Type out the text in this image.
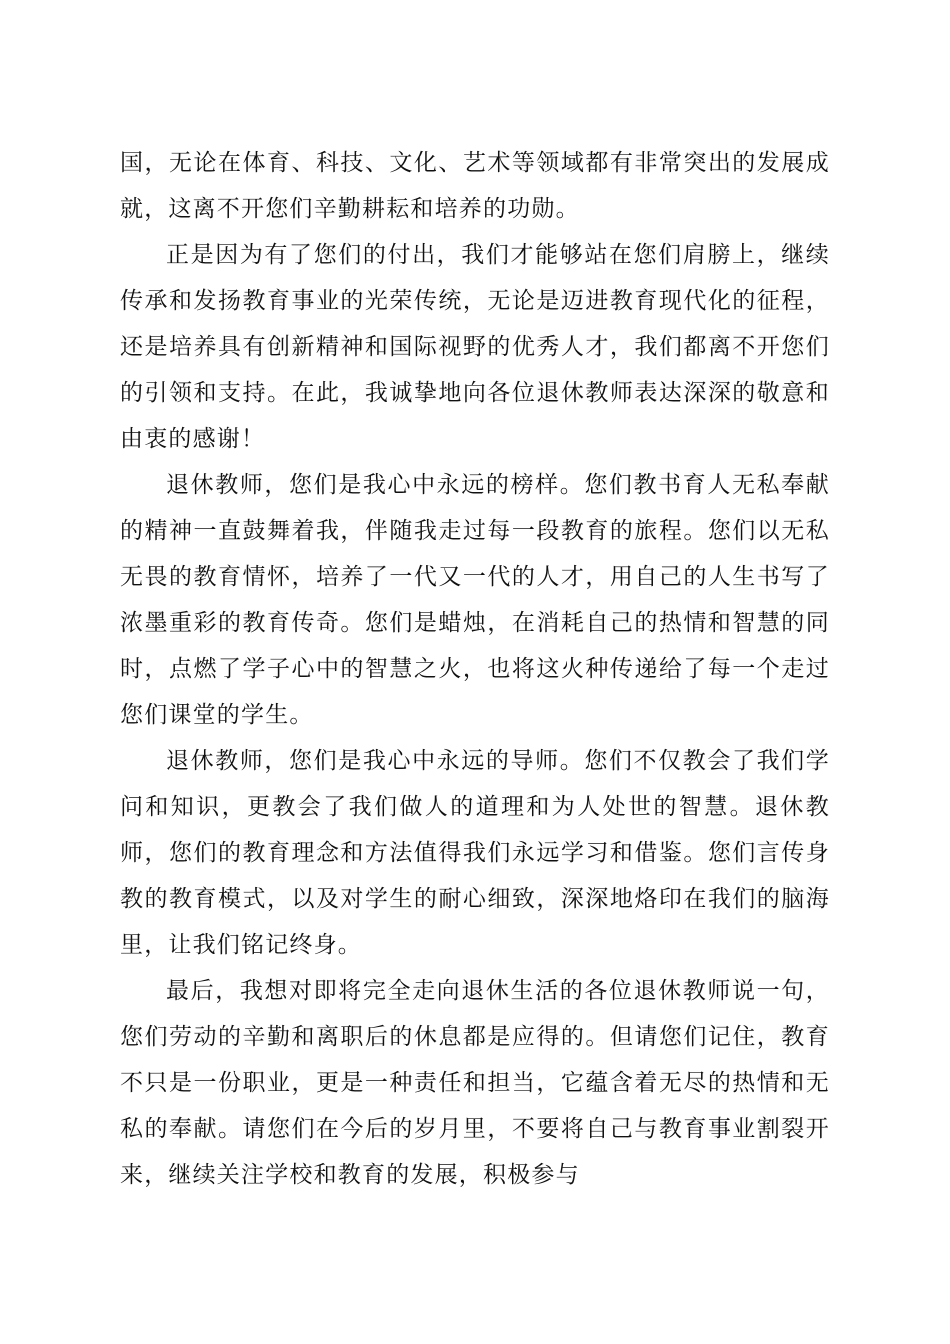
国，无论在体育、科技、文化、艺术等领域都有非常突出的发展成就，这离不开您们辛勤耕耘和培养的功勋。

正是因为有了您们的付出，我们才能够站在您们肩膀上，继续传承和发扬教育事业的光荣传统，无论是迈进教育现代化的征程，还是培养具有创新精神和国际视野的优秀人才，我们都离不开您们的引领和支持。在此，我诚挚地向各位退休教师表达深深的敬意和由衷的感谢！

退休教师，您们是我心中永远的榜样。您们教书育人无私奉献的精神一直鼓舞着我，伴随我走过每一段教育的旅程。您们以无私无畏的教育情怀，培养了一代又一代的人才，用自己的人生书写了浓墨重彩的教育传奇。您们是蜡烛，在消耗自己的热情和智慧的同时，点燃了学子心中的智慧之火，也将这火种传递给了每一个走过您们课堂的学生。

退休教师，您们是我心中永远的导师。您们不仅教会了我们学问和知识，更教会了我们做人的道理和为人处世的智慧。退休教师，您们的教育理念和方法值得我们永远学习和借鉴。您们言传身教的教育模式，以及对学生的耐心细致，深深地烙印在我们的脑海里，让我们铭记终身。

最后，我想对即将完全走向退休生活的各位退休教师说一句，您们劳动的辛勤和离职后的休息都是应得的。但请您们记住，教育不只是一份职业，更是一种责任和担当，它蕴含着无尽的热情和无私的奉献。请您们在今后的岁月里，不要将自己与教育事业割裂开来，继续关注学校和教育的发展，积极参与
